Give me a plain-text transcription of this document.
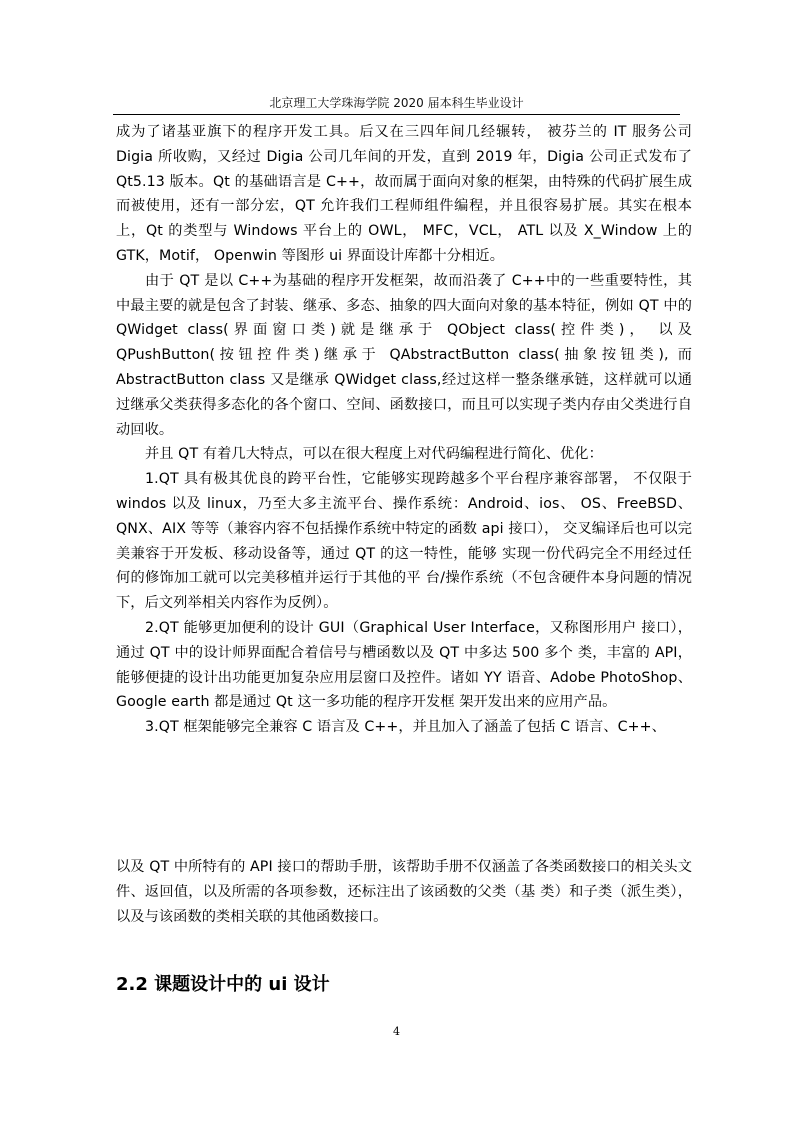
北京理工大学珠海学院 2020 届本科生毕业设计

成为了诸基亚旗下的程序开发工具。后又在三四年间几经辗转， 被芬兰的 IT 服务公司 Digia 所收购，又经过 Digia 公司几年间的开发，直到 2019 年，Digia 公司正式发布了 Qt5.13 版本。Qt 的基础语言是 C++，故而属于面向对象的框架，由特殊的代码扩展生成而被使用，还有一部分宏，QT 允许我们工程师组件编程，并且很容易扩展。其实在根本上，Qt 的类型与 Windows 平台上的 OWL， MFC，VCL， ATL 以及 X_Window 上的 GTK，Motif， Openwin 等图形 ui 界面设计库都十分相近。

由于 QT 是以 C++为基础的程序开发框架，故而沿袭了 C++中的一些重要特性，其中最主要的就是包含了封装、继承、多态、抽象的四大面向对象的基本特征，例如 QT 中的 QWidget class(界面窗口类)就是继承于 QObject class(控件类)， 以及 QPushButton(按钮控件类)继承于 QAbstractButton class(抽象按钮类), 而 AbstractButton class 又是继承 QWidget class,经过这样一整条继承链，这样就可以通过继承父类获得多态化的各个窗口、空间、函数接口，而且可以实现子类内存由父类进行自动回收。

并且 QT 有着几大特点，可以在很大程度上对代码编程进行简化、优化：

1.QT 具有极其优良的跨平台性，它能够实现跨越多个平台程序兼容部署， 不仅限于 windos 以及 linux，乃至大多主流平台、操作系统：Android、ios、 OS、FreeBSD、QNX、AIX 等等（兼容内容不包括操作系统中特定的函数 api 接口）， 交叉编译后也可以完美兼容于开发板、移动设备等，通过 QT 的这一特性，能够 实现一份代码完全不用经过任何的修饰加工就可以完美移植并运行于其他的平 台/操作系统（不包含硬件本身问题的情况下，后文列举相关内容作为反例）。

2.QT 能够更加便利的设计 GUI（Graphical User Interface，又称图形用户 接口）， 通过 QT 中的设计师界面配合着信号与槽函数以及 QT 中多达 500 多个 类，丰富的 API，能够便捷的设计出功能更加复杂应用层窗口及控件。诸如 YY 语音、Adobe PhotoShop、Google earth 都是通过 Qt 这一多功能的程序开发框 架开发出来的应用产品。

3.QT 框架能够完全兼容 C 语言及 C++，并且加入了涵盖了包括 C 语言、C++、

以及 QT 中所特有的 API 接口的帮助手册，该帮助手册不仅涵盖了各类函数接口的相关头文件、返回值，以及所需的各项参数，还标注出了该函数的父类（基 类）和子类（派生类），以及与该函数的类相关联的其他函数接口。

2.2 课题设计中的 ui 设计
4
